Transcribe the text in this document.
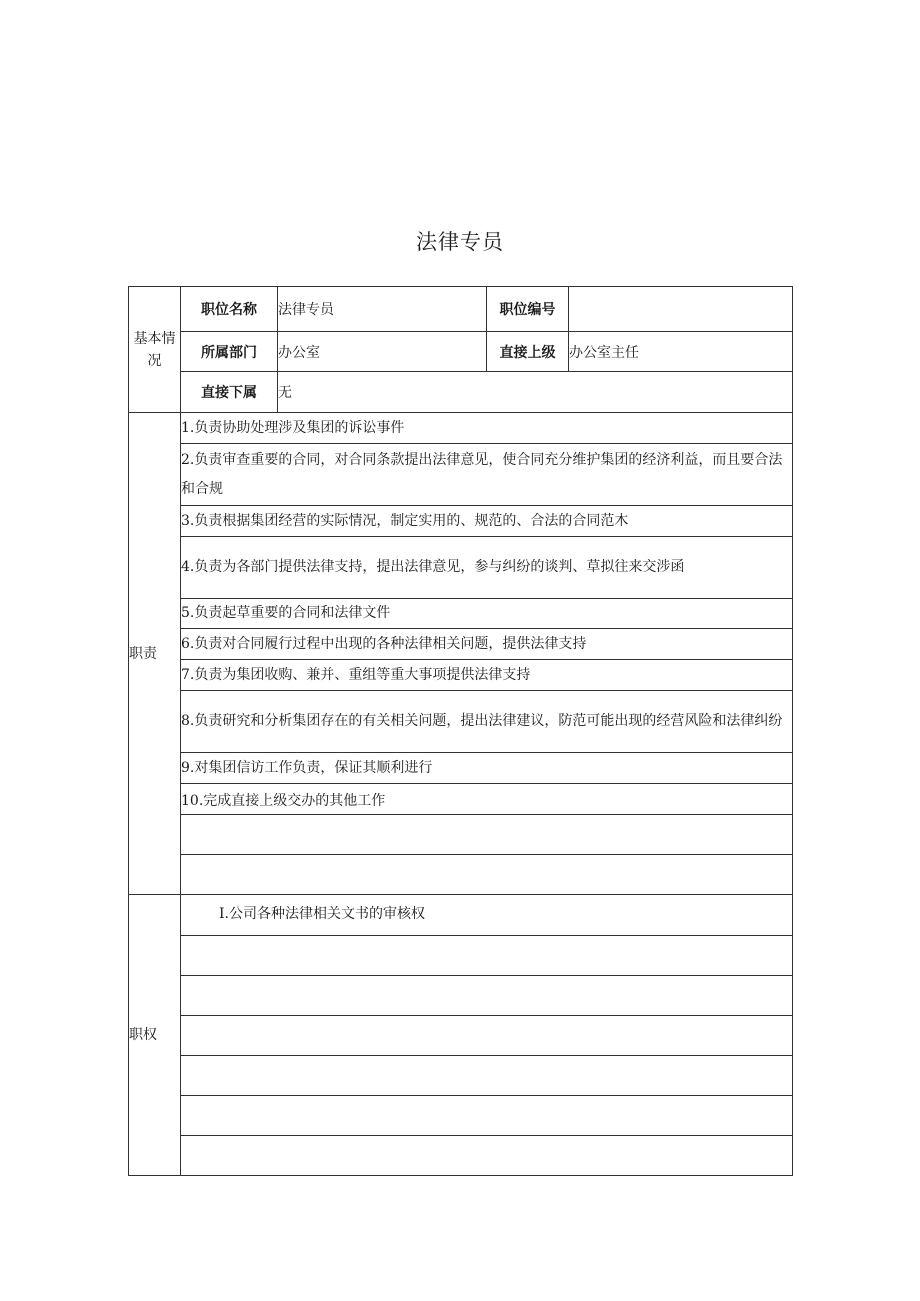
法律专员
基本情况	职位名称	法律专员	职位编号	
	所属部门	办公室	直接上级	办公室主任
	直接下属	无		
职责	1.负责协助处理涉及集团的诉讼事件			
	2.负责审查重要的合同，对合同条款提出法律意见，使合同充分维护集团的经济利益，而且要合法和合规			
	3.负责根据集团经营的实际情况，制定实用的、规范的、合法的合同范木			
	4.负责为各部门提供法律支持，提出法律意见，参与纠纷的谈判、草拟往来交涉函			
	5.负责起草重要的合同和法律文件			
	6.负责对合同履行过程中出现的各种法律相关问题，提供法律支持			
	7.负责为集团收购、兼并、重组等重大事项提供法律支持			
	8.负责研究和分析集团存在的有关相关问题，提出法律建议，防范可能出现的经营风险和法律纠纷			
	9.对集团信访工作负责，保证其顺利进行			
	10.完成直接上级交办的其他工作			

职权	I.公司各种法律相关文书的审核权			
